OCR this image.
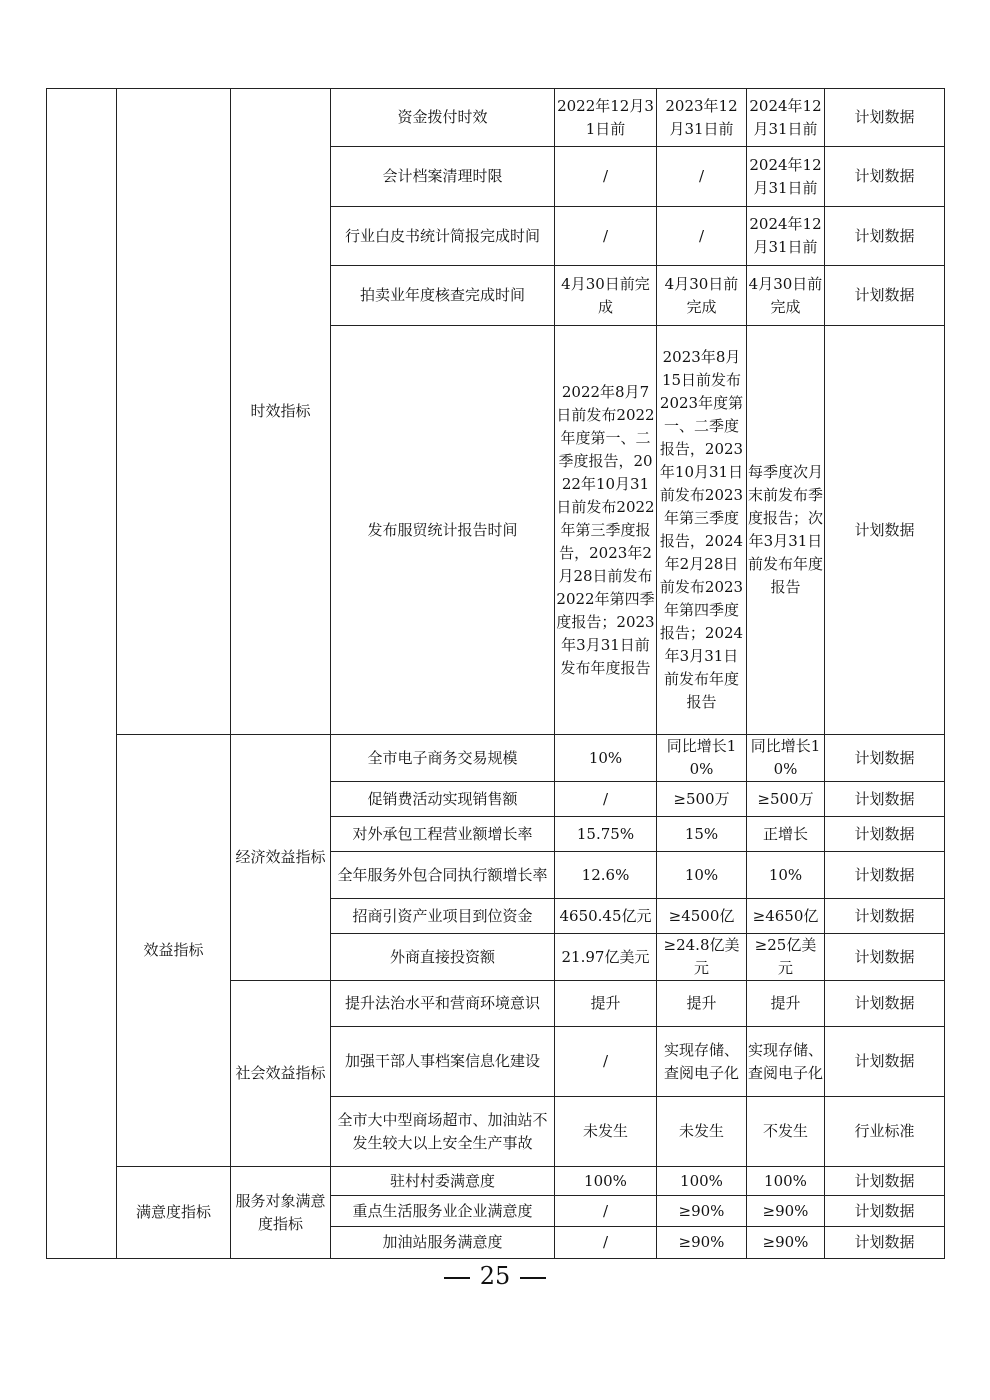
		时效指标	资金拨付时效	2022年12月31日前	2023年12月31日前	2024年12月31日前	计划数据
			会计档案清理时限	/	/	2024年12月31日前	计划数据
			行业白皮书统计简报完成时间	/	/	2024年12月31日前	计划数据
			拍卖业年度核查完成时间	4月30日前完成	4月30日前完成	4月30日前完成	计划数据
			发布服贸统计报告时间	2022年8月7日前发布2022年度第一、二季度报告，2022年10月31日前发布2022年第三季度报告，2023年2月28日前发布2022年第四季度报告；2023年3月31日前发布年度报告	2023年8月15日前发布2023年度第一、二季度报告，2023年10月31日前发布2023年第三季度报告，2024年2月28日前发布2023年第四季度报告；2024年3月31日前发布年度报告	每季度次月末前发布季度报告；次年3月31日前发布年度报告	计划数据
	效益指标	经济效益指标	全市电子商务交易规模	10%	同比增长10%	同比增长10%	计划数据
			促销费活动实现销售额	/	≥500万	≥500万	计划数据
			对外承包工程营业额增长率	15.75%	15%	正增长	计划数据
			全年服务外包合同执行额增长率	12.6%	10%	10%	计划数据
			招商引资产业项目到位资金	4650.45亿元	≥4500亿	≥4650亿	计划数据
			外商直接投资额	21.97亿美元	≥24.8亿美元	≥25亿美元	计划数据
		社会效益指标	提升法治水平和营商环境意识	提升	提升	提升	计划数据
			加强干部人事档案信息化建设	/	实现存储、查阅电子化	实现存储、查阅电子化	计划数据
			全市大中型商场超市、加油站不发生较大以上安全生产事故	未发生	未发生	不发生	行业标准
	满意度指标	服务对象满意度指标	驻村村委满意度	100%	100%	100%	计划数据
			重点生活服务业企业满意度	/	≥90%	≥90%	计划数据
			加油站服务满意度	/	≥90%	≥90%	计划数据
25
